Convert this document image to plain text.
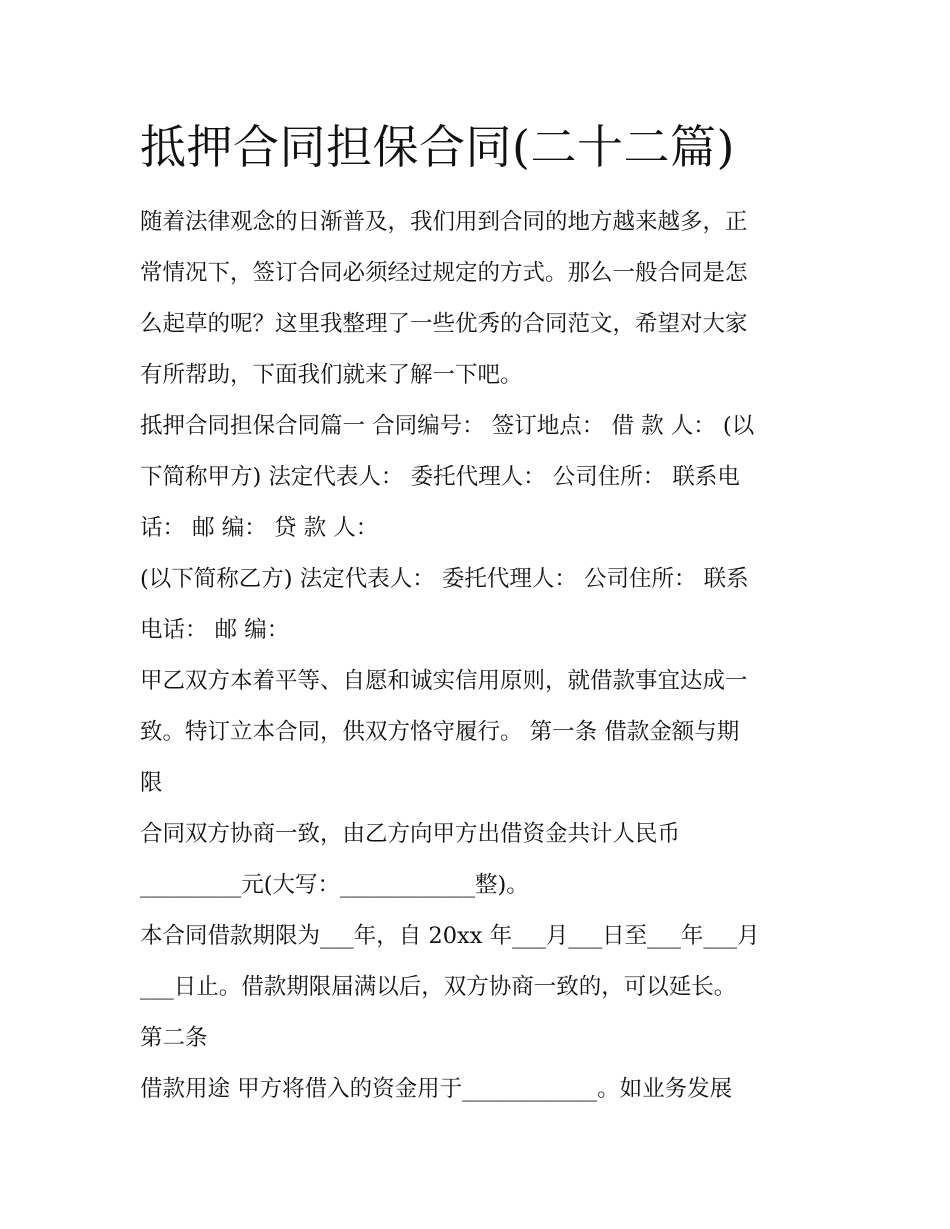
抵押合同担保合同(二十二篇)

随着法律观念的日渐普及，我们用到合同的地方越来越多，正

常情况下，签订合同必须经过规定的方式。那么一般合同是怎

么起草的呢？这里我整理了一些优秀的合同范文，希望对大家

有所帮助，下面我们就来了解一下吧。

抵押合同担保合同篇一 合同编号： 签订地点： 借 款 人： (以

下简称甲方) 法定代表人： 委托代理人： 公司住所： 联系电

话： 邮 编： 贷 款 人：

(以下简称乙方) 法定代表人： 委托代理人： 公司住所： 联系

电话： 邮 编：

甲乙双方本着平等、自愿和诚实信用原则，就借款事宜达成一

致。特订立本合同，供双方恪守履行。 第一条 借款金额与期

限

合同双方协商一致，由乙方向甲方出借资金共计人民币

_________元(大写：____________整)。

本合同借款期限为___年，自 20xx 年___月___日至___年___月

___日止。借款期限届满以后，双方协商一致的，可以延长。

第二条

借款用途 甲方将借入的资金用于____________。如业务发展
